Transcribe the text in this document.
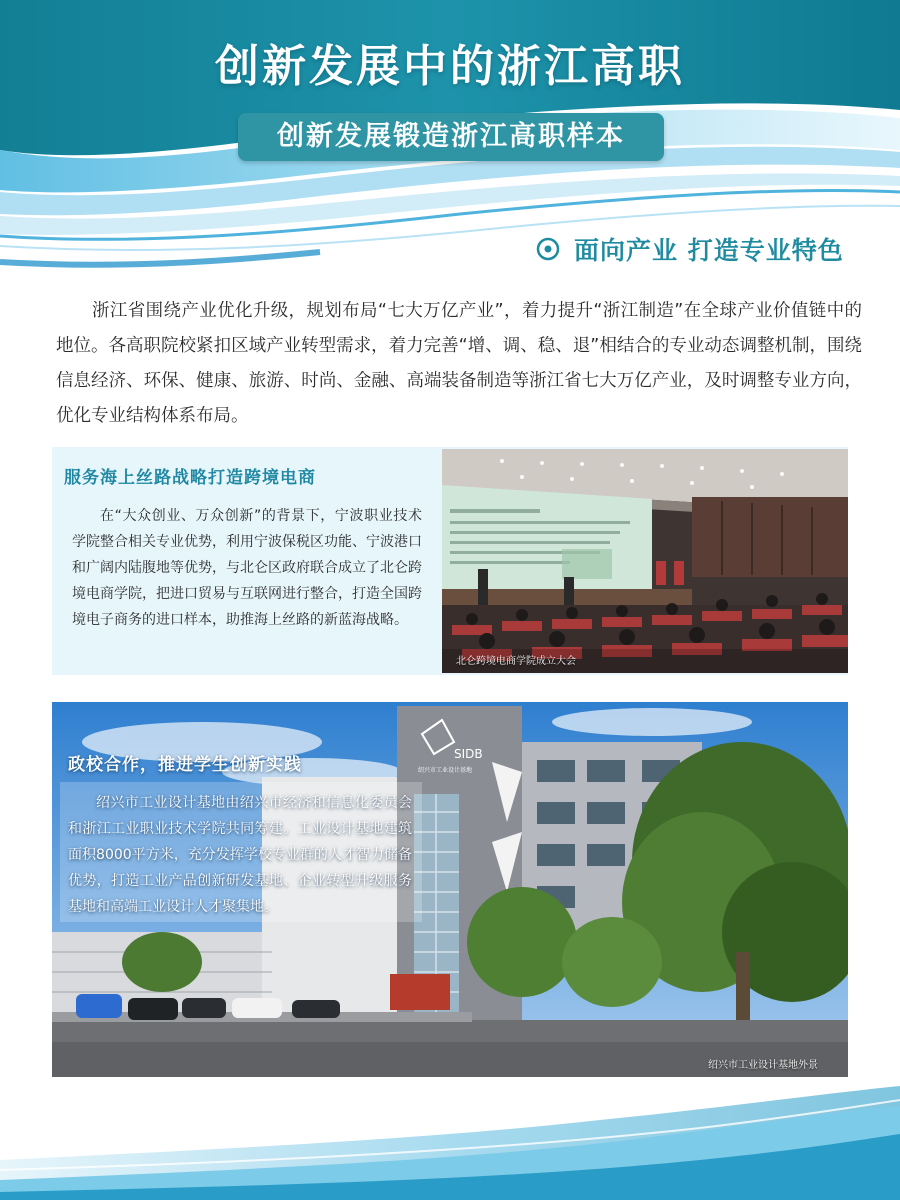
创新发展中的浙江高职
创新发展锻造浙江高职样本
面向产业 打造专业特色

浙江省围绕产业优化升级，规划布局“七大万亿产业”，着力提升“浙江制造”在全球产业价值链中的地位。各高职院校紧扣区域产业转型需求，着力完善“增、调、稳、退”相结合的专业动态调整机制，围绕信息经济、环保、健康、旅游、时尚、金融、高端装备制造等浙江省七大万亿产业，及时调整专业方向，优化专业结构体系布局。

服务海上丝路战略打造跨境电商

在“大众创业、万众创新”的背景下，宁波职业技术学院整合相关专业优势，利用宁波保税区功能、宁波港口和广阔内陆腹地等优势，与北仑区政府联合成立了北仑跨境电商学院，把进口贸易与互联网进行整合，打造全国跨境电子商务的进口样本，助推海上丝路的新蓝海战略。

北仑跨境电商学院成立大会
SIDB
绍兴市工业设计基地
政校合作，推进学生创新实践

绍兴市工业设计基地由绍兴市经济和信息化委员会和浙江工业职业技术学院共同筹建。工业设计基地建筑面积8000平方米，充分发挥学校专业群的人才智力储备优势，打造工业产品创新研发基地、企业转型升级服务基地和高端工业设计人才聚集地。

绍兴市工业设计基地外景
